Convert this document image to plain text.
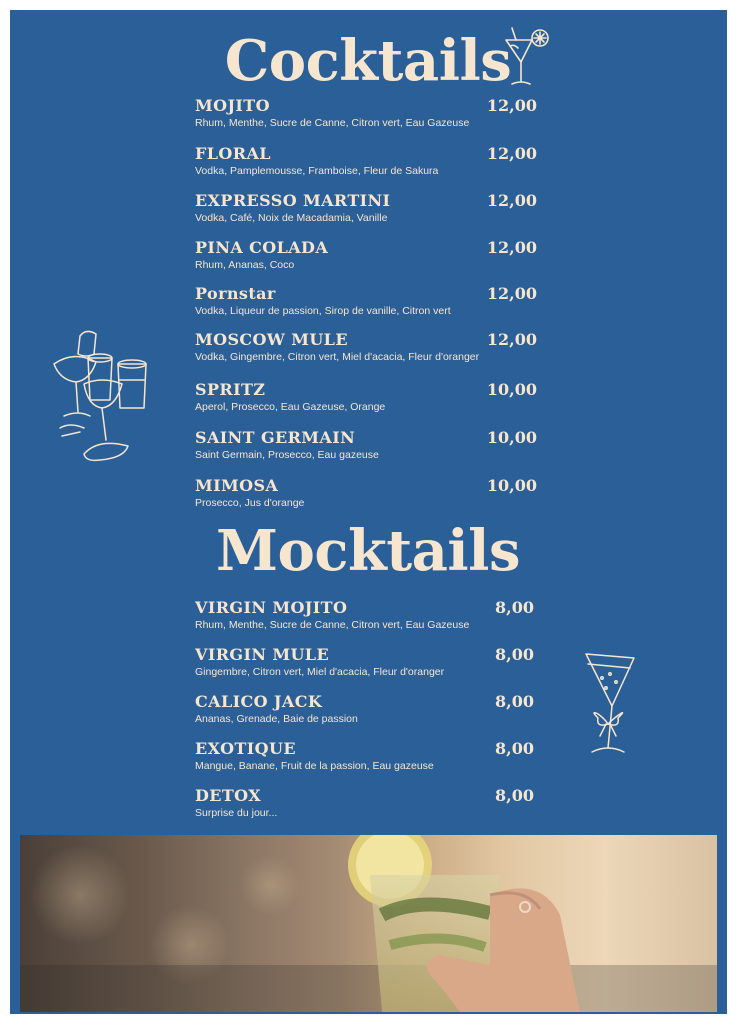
Cocktails
MOJITO	12,00
Rhum, Menthe, Sucre de Canne, Citron vert, Eau Gazeuse
FLORAL	12,00
Vodka, Pamplemousse, Framboise, Fleur de Sakura
EXPRESSO MARTINI	12,00
Vodka, Café, Noix de Macadamia, Vanille
PINA COLADA	12,00
Rhum, Ananas, Coco
Pornstar	12,00
Vodka, Liqueur de passion, Sirop de vanille, Citron vert
MOSCOW MULE	12,00
Vodka, Gingembre, Citron vert, Miel d'acacia, Fleur d'oranger
SPRITZ	10,00
Aperol, Prosecco, Eau Gazeuse, Orange
SAINT GERMAIN	10,00
Saint Germain, Prosecco, Eau gazeuse
MIMOSA	10,00
Prosecco, Jus d'orange
Mocktails
VIRGIN MOJITO	8,00
Rhum, Menthe, Sucre de Canne, Citron vert, Eau Gazeuse
VIRGIN MULE	8,00
Gingembre, Citron vert, Miel d'acacia, Fleur d'oranger
CALICO JACK	8,00
Ananas, Grenade, Baie de passion
EXOTIQUE	8,00
Mangue, Banane, Fruit de la passion, Eau gazeuse
DETOX	8,00
Surprise du jour...
